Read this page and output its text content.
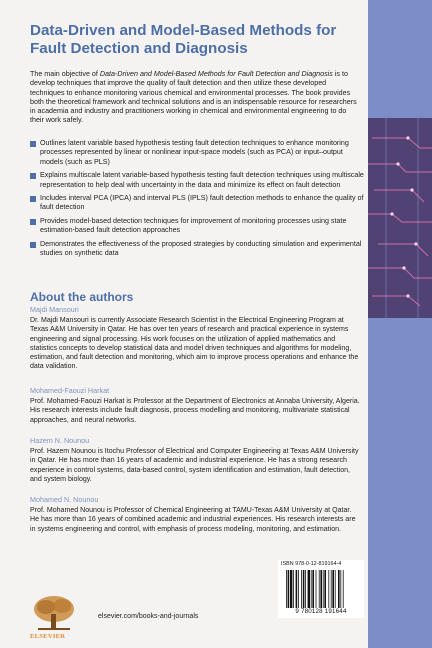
Data-Driven and Model-Based Methods for Fault Detection and Diagnosis

The main objective of Data-Driven and Model-Based Methods for Fault Detection and Diagnosis is to develop techniques that improve the quality of fault detection and then utilize these developed techniques to enhance monitoring various chemical and environmental processes. The book provides both the theoretical framework and technical solutions and is an indispensable resource for researchers in academia and industry and practitioners working in chemical and environmental engineering to do their work safely.

Outlines latent variable based hypothesis testing fault detection techniques to enhance monitoring processes represented by linear or nonlinear input-space models (such as PCA) or input–output models (such as PLS)
Explains multiscale latent variable-based hypothesis testing fault detection techniques using multiscale representation to help deal with uncertainty in the data and minimize its effect on fault detection
Includes interval PCA (IPCA) and interval PLS (IPLS) fault detection methods to enhance the quality of fault detection
Provides model-based detection techniques for improvement of monitoring processes using state estimation-based fault detection approaches
Demonstrates the effectiveness of the proposed strategies by conducting simulation and experimental studies on synthetic data
About the authors

Majdi Mansouri

Dr. Majdi Mansouri is currently Associate Research Scientist in the Electrical Engineering Program at Texas A&M University in Qatar. He has over ten years of research and practical experience in systems engineering and signal processing. His work focuses on the utilization of applied mathematics and statistics concepts to develop statistical data and model driven techniques and algorithms for modeling, estimation, and fault detection and monitoring, which aim to improve process operations and enhance the data validation.

Mohamed-Faouzi Harkat

Prof. Mohamed-Faouzi Harkat is Professor at the Department of Electronics at Annaba University, Algeria. His research interests include fault diagnosis, process modelling and monitoring, multivariate statistical approaches, and neural networks.

Hazem N. Nounou

Prof. Hazem Nounou is Itochu Professor of Electrical and Computer Engineering at Texas A&M University in Qatar. He has more than 16 years of academic and industrial experience. He has a strong research experience in control systems, data-based control, system identification and estimation, fault detection, and system biology.

Mohamed N. Nounou

Prof. Mohamed Nounou is Professor of Chemical Engineering at TAMU-Texas A&M University at Qatar. He has more than 16 years of combined academic and industrial experiences. His research interests are in systems engineering and control, with emphasis of process modeling, monitoring, and estimation.

ELSEVIER

elsevier.com/books-and-journals

ISBN 978-0-12-819164-4
9 780128 191644
